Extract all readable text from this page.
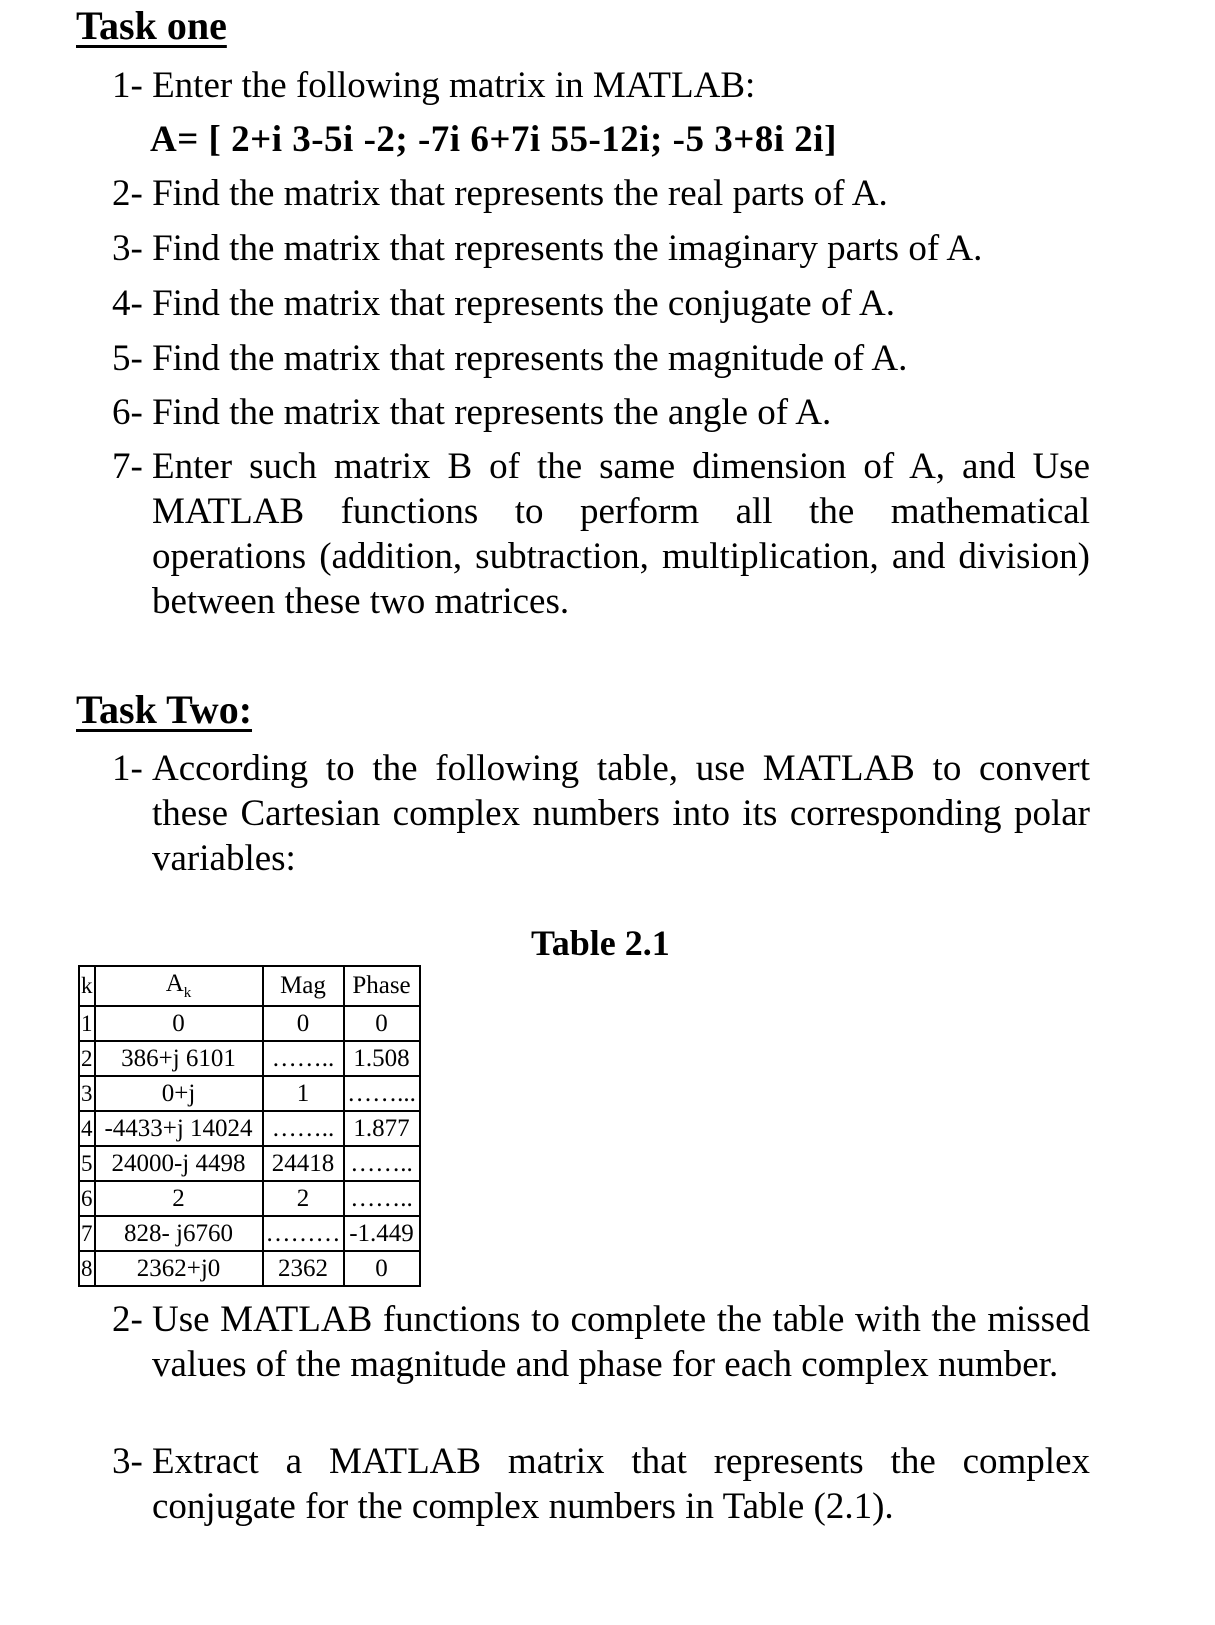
Task one
1- Enter the following matrix in MATLAB:
A= [ 2+i 3-5i -2; -7i 6+7i 55-12i; -5 3+8i 2i]
2- Find the matrix that represents the real parts of A.
3- Find the matrix that represents the imaginary parts of A.
4- Find the matrix that represents the conjugate of A.
5- Find the matrix that represents the magnitude of A.
6- Find the matrix that represents the angle of A.
7- Enter such matrix B of the same dimension of A, and Use MATLAB functions to perform all the mathematical operations (addition, subtraction, multiplication, and division) between these two matrices.
Task Two:
1- According to the following table, use MATLAB to convert these Cartesian complex numbers into its corresponding polar variables:
Table 2.1
k	$A_k$	Mag	Phase
1	0	0	0
2	386+j 6101	……..	1.508
3	0+j	1	……...
4	-4433+j 14024	……..	1.877
5	24000-j 4498	24418	……..
6	2	2	……..
7	828- j6760	………	-1.449
8	2362+j0	2362	0
2- Use MATLAB functions to complete the table with the missed values of the magnitude and phase for each complex number.
3- Extract a MATLAB matrix that represents the complex conjugate for the complex numbers in Table (2.1).
